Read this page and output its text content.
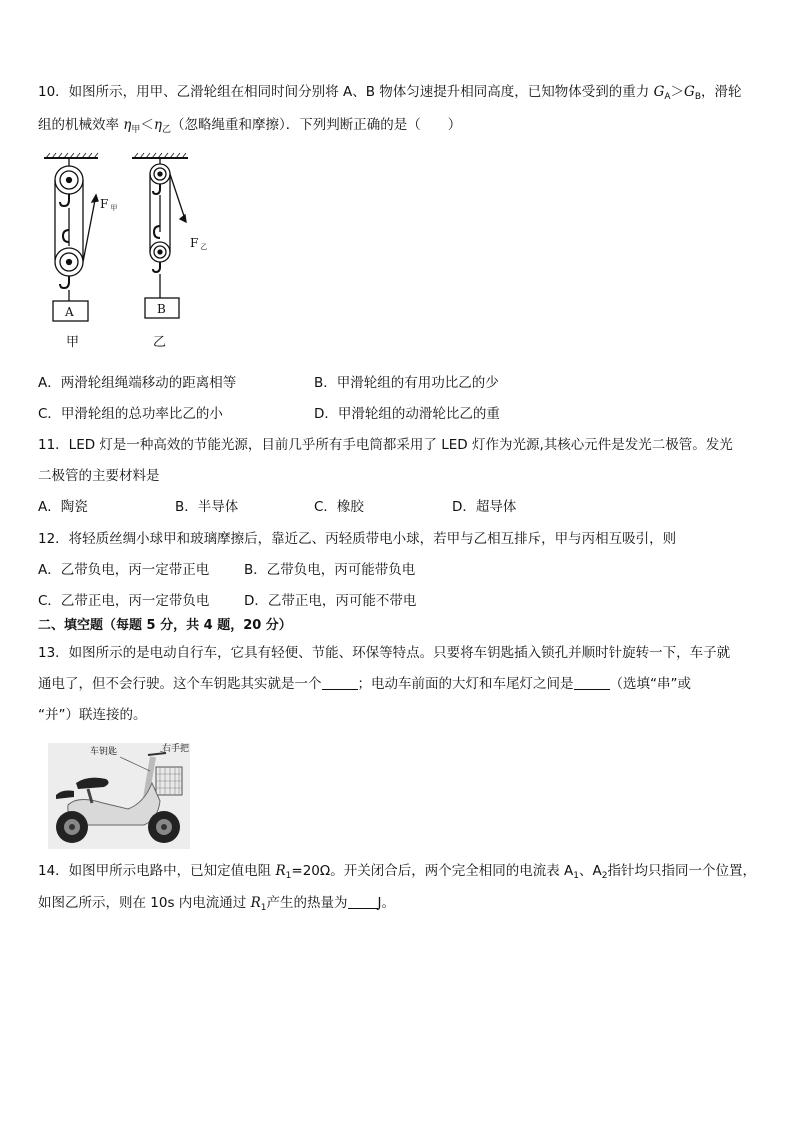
10．如图所示，用甲、乙滑轮组在相同时间分别将 A、B 物体匀速提升相同高度，已知物体受到的重力 $G_A>G_B$，滑轮
组的机械效率 $\eta_甲<\eta_乙$（忽略绳重和摩擦）．下列判断正确的是（　　）
F甲
F乙
A	B
甲	乙
A．两滑轮组绳端移动的距离相等	B．甲滑轮组的有用功比乙的少
C．甲滑轮组的总功率比乙的小	D．甲滑轮组的动滑轮比乙的重
11．LED 灯是一种高效的节能光源，目前几乎所有手电筒都采用了 LED 灯作为光源,其核心元件是发光二极管。发光
二极管的主要材料是
A．陶瓷	B．半导体	C．橡胶	D．超导体
12．将轻质丝绸小球甲和玻璃摩擦后，靠近乙、丙轻质带电小球，若甲与乙相互排斥，甲与丙相互吸引，则
A．乙带负电，丙一定带正电	B．乙带负电，丙可能带负电
C．乙带正电，丙一定带负电	D．乙带正电，丙可能不带电
二、填空题（每题 5 分，共 4 题，20 分）
13．如图所示的是电动自行车，它具有轻便、节能、环保等特点。只要将车钥匙插入锁孔并顺时针旋转一下，车子就
通电了，但不会行驶。这个车钥匙其实就是一个	；电动车前面的大灯和车尾灯之间是	（选填“串”或
“并”）联连接的。
车钥匙	右手把
14．如图甲所示电路中，已知定值电阻 $R_1=20\Omega$。开关闭合后，两个完全相同的电流表 $A_1$、$A_2$指针均只指同一个位置，
如图乙所示，则在 10s 内电流通过 $R_1$产生的热量为 J。
